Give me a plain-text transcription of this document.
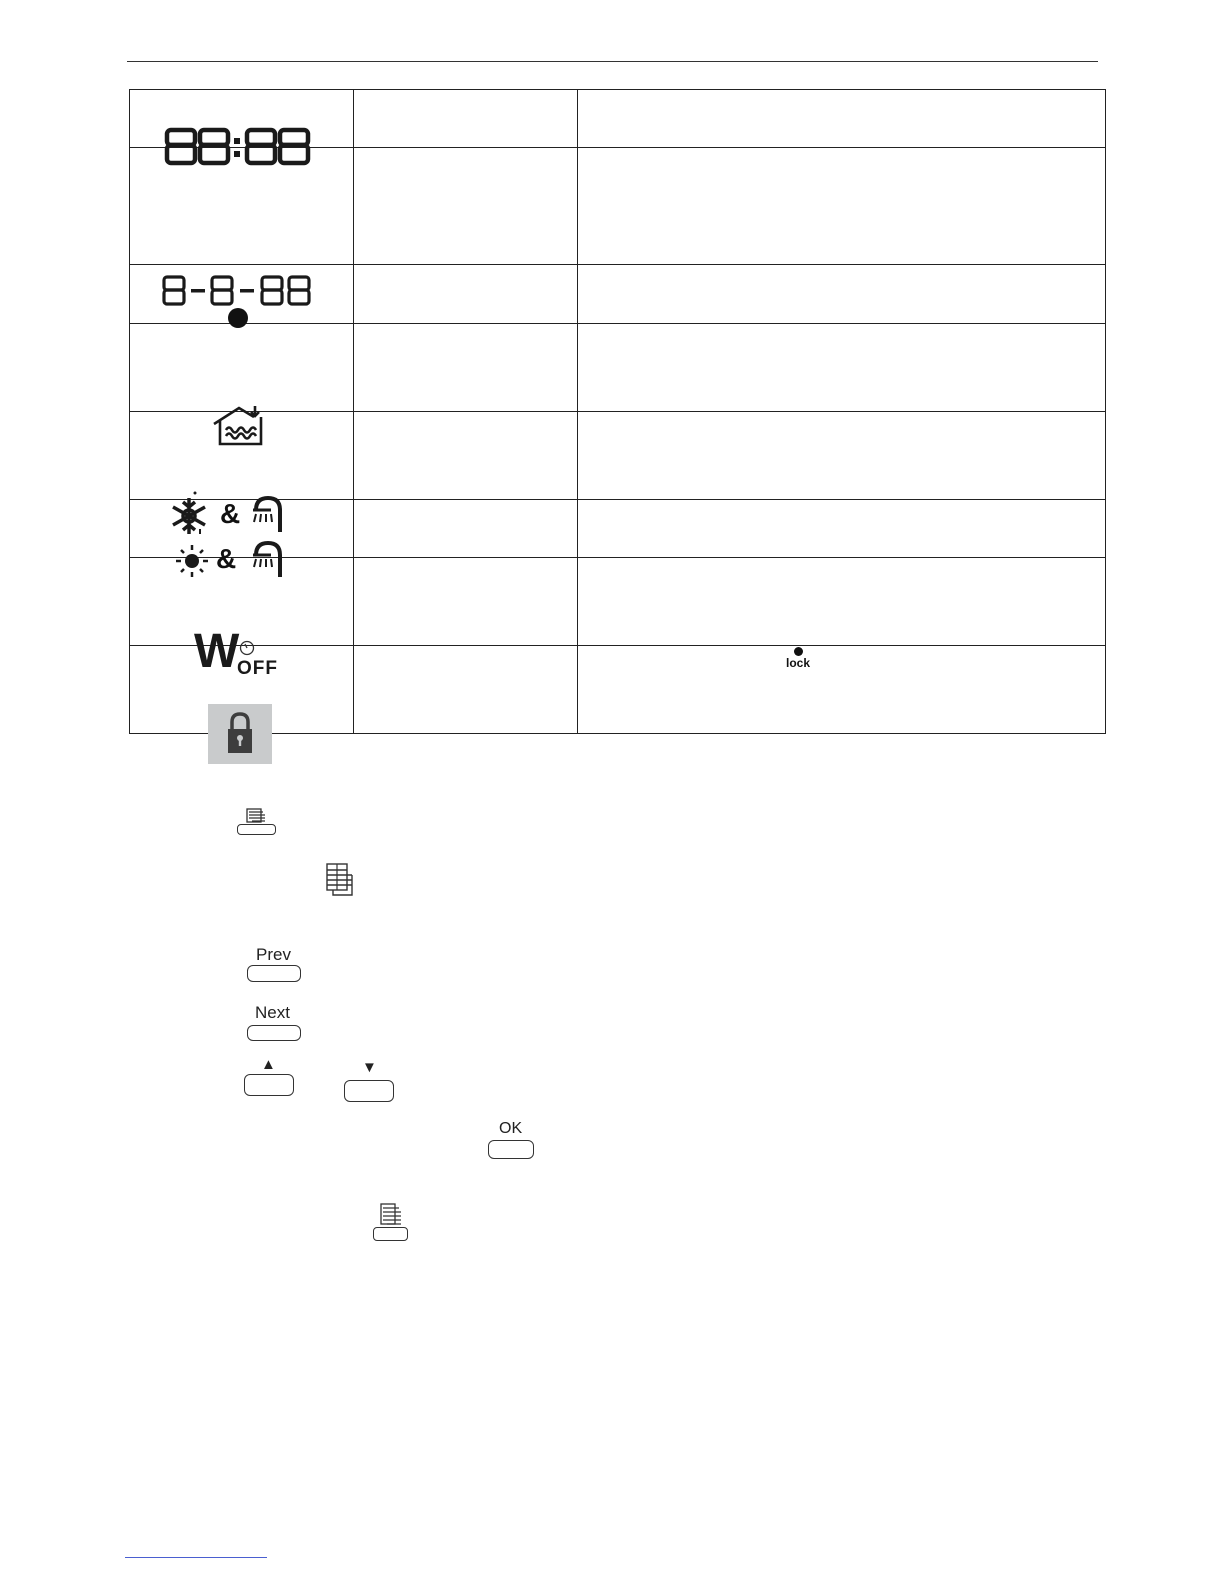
&		

&		

W
OFF		lock

Prev
Next
▲	▼
OK
